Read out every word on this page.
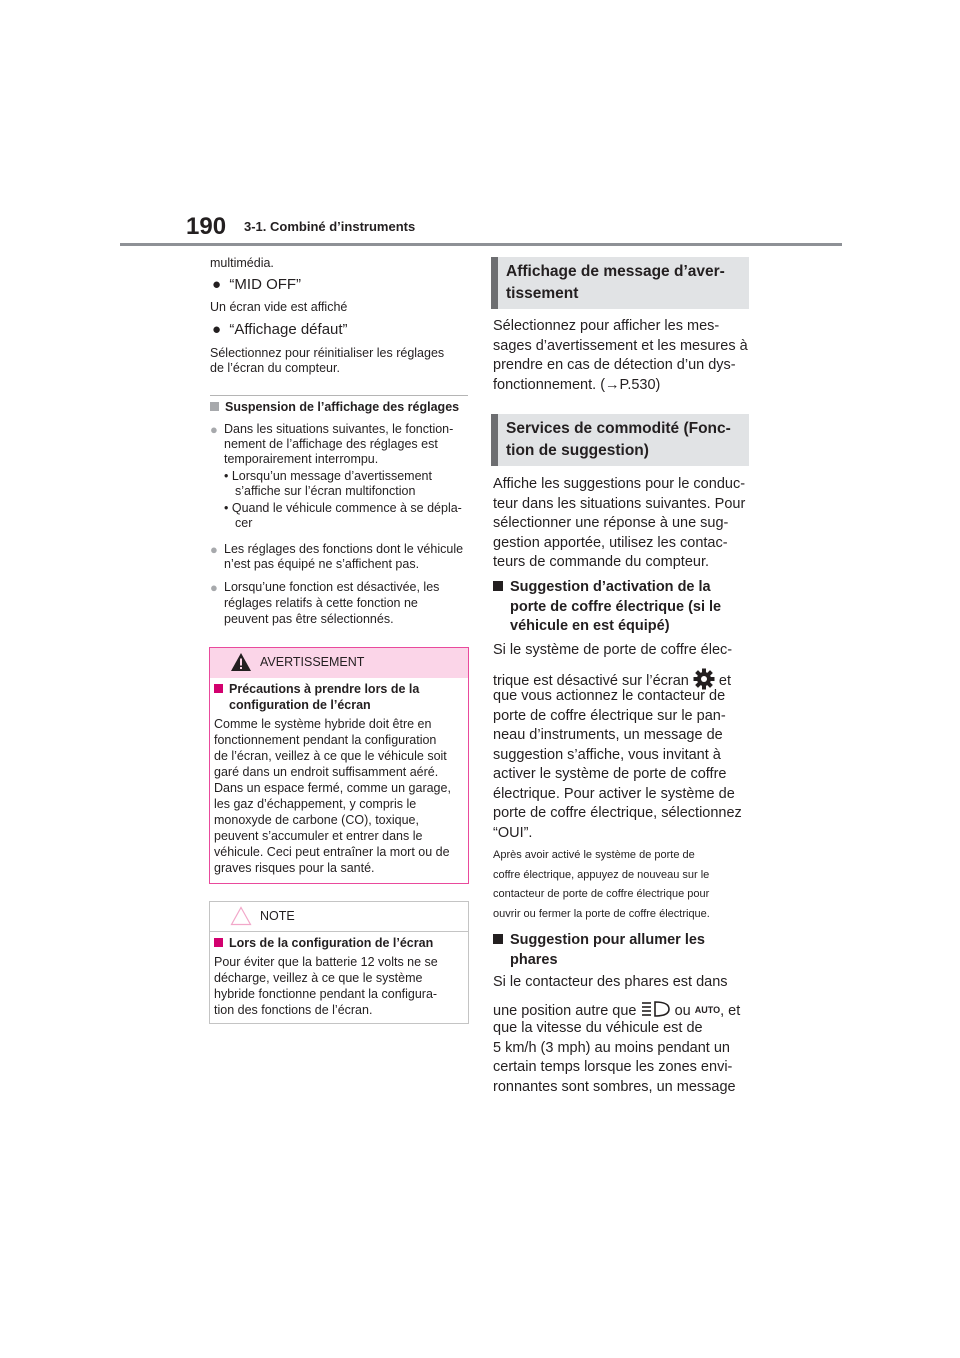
190 3-1. Combiné d’instruments
multimédia.
● “MID OFF”
Un écran vide est affiché
● “Affichage défaut”
Sélectionnez pour réinitialiser les réglages
de l’écran du compteur.
Suspension de l’affichage des réglages
● Dans les situations suivantes, le fonction-
nement de l’affichage des réglages est
temporairement interrompu.
• Lorsqu’un message d’avertissement
s’affiche sur l’écran multifonction
• Quand le véhicule commence à se dépla-
cer
● Les réglages des fonctions dont le véhicule
n’est pas équipé ne s’affichent pas.
● Lorsqu’une fonction est désactivée, les
réglages relatifs à cette fonction ne
peuvent pas être sélectionnés.
AVERTISSEMENT
Précautions à prendre lors de la
configuration de l’écran
Comme le système hybride doit être en
fonctionnement pendant la configuration
de l’écran, veillez à ce que le véhicule soit
garé dans un endroit suffisamment aéré.
Dans un espace fermé, comme un garage,
les gaz d’échappement, y compris le
monoxyde de carbone (CO), toxique,
peuvent s’accumuler et entrer dans le
véhicule. Ceci peut entraîner la mort ou de
graves risques pour la santé.
NOTE
Lors de la configuration de l’écran
Pour éviter que la batterie 12 volts ne se
décharge, veillez à ce que le système
hybride fonctionne pendant la configura-
tion des fonctions de l’écran.
Affichage de message d’aver-
tissement
Sélectionnez pour afficher les mes-
sages d’avertissement et les mesures à
prendre en cas de détection d’un dys-
fonctionnement. (→P.530)
Services de commodité (Fonc-
tion de suggestion)
Affiche les suggestions pour le conduc-
teur dans les situations suivantes. Pour
sélectionner une réponse à une sug-
gestion apportée, utilisez les contac-
teurs de commande du compteur.
Suggestion d’activation de la
porte de coffre électrique (si le
véhicule en est équipé)
Si le système de porte de coffre élec-
trique est désactivé sur l’écran et
que vous actionnez le contacteur de
porte de coffre électrique sur le pan-
neau d’instruments, un message de
suggestion s’affiche, vous invitant à
activer le système de porte de coffre
électrique. Pour activer le système de
porte de coffre électrique, sélectionnez
“OUI”.
Après avoir activé le système de porte de
coffre électrique, appuyez de nouveau sur le
contacteur de porte de coffre électrique pour
ouvrir ou fermer la porte de coffre électrique.
Suggestion pour allumer les
phares
Si le contacteur des phares est dans
une position autre que	ou AUTO, et
que la vitesse du véhicule est de
5 km/h (3 mph) au moins pendant un
certain temps lorsque les zones envi-
ronnantes sont sombres, un message
